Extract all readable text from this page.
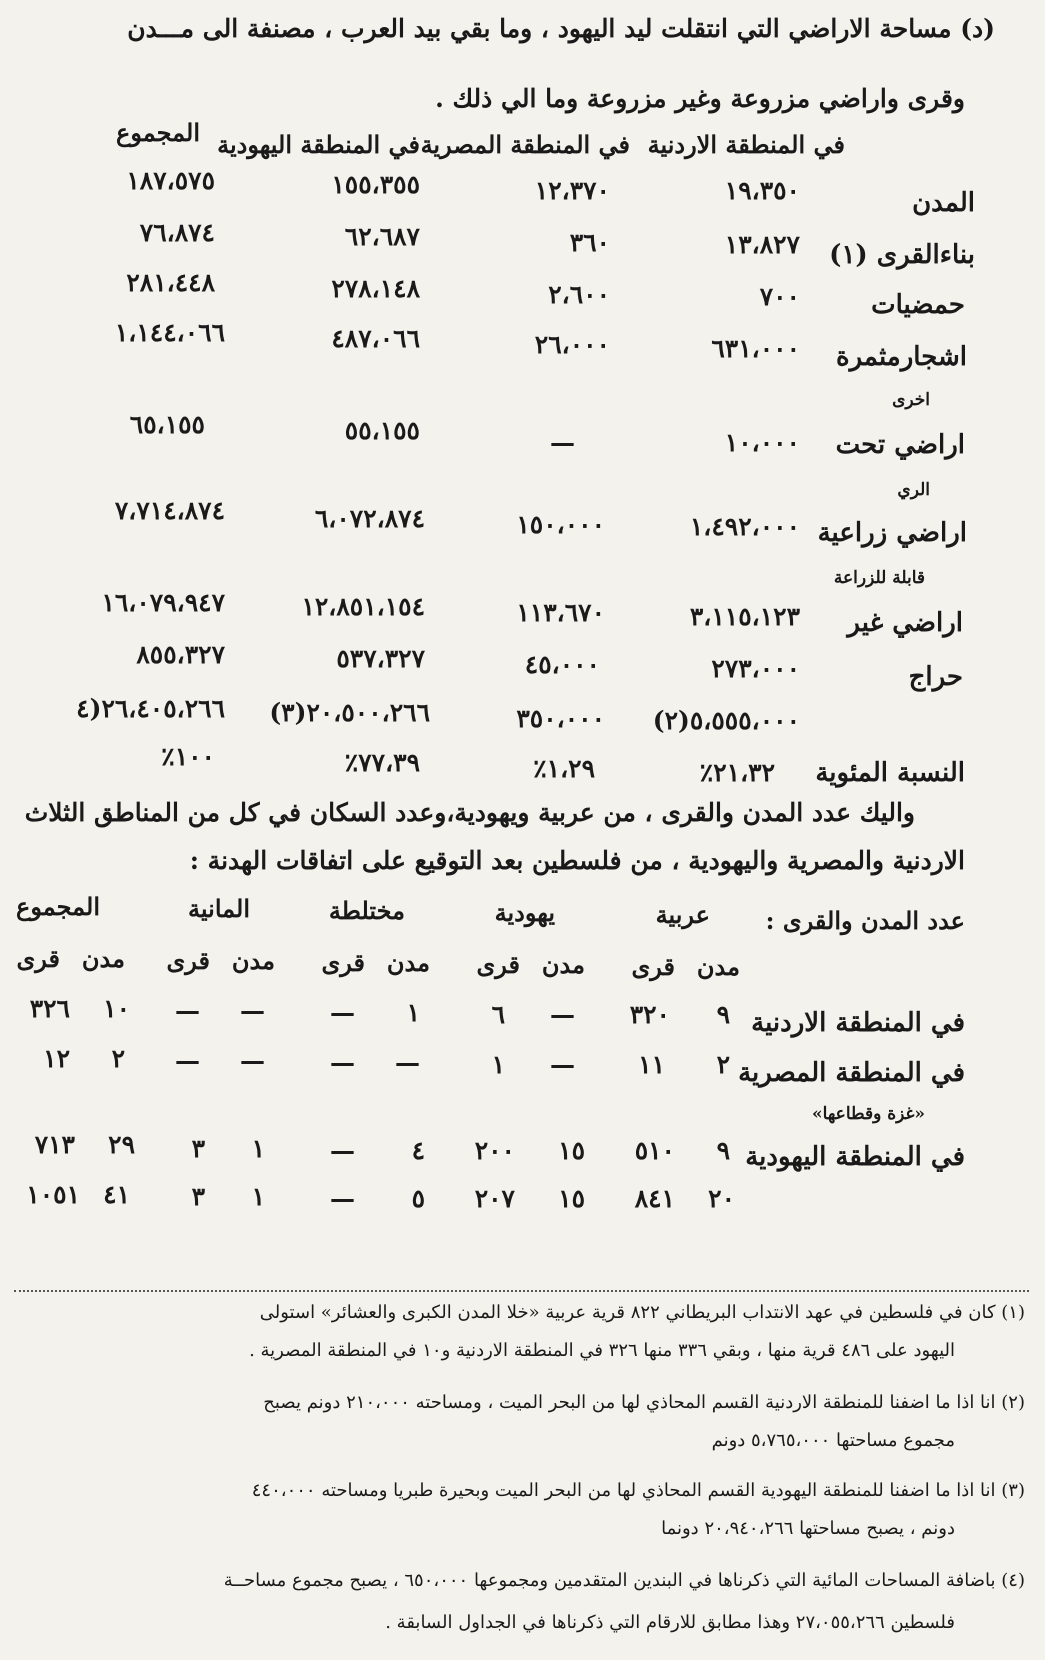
(د) مساحة الاراضي التي انتقلت ليد اليهود ، وما بقي بيد العرب ، مصنفة الى مـــدن
وقرى واراضي مزروعة وغير مزروعة وما الي ذلك .
في المنطقة الاردنية
في المنطقة المصرية
في المنطقة اليهودية
المجموع
المدن
١٩،٣٥٠
١٢،٣٧٠
١٥٥،٣٥٥
١٨٧،٥٧٥
بناءالقرى (١)
١٣،٨٢٧
٣٦٠
٦٢،٦٨٧
٧٦،٨٧٤
حمضيات
٧٠٠
٢،٦٠٠
٢٧٨،١٤٨
٢٨١،٤٤٨
اشجارمثمرة
اخرى
٦٣١،٠٠٠
٢٦،٠٠٠
٤٨٧،٠٦٦
١،١٤٤،٠٦٦
اراضي تحت
الري
١٠،٠٠٠
—
٥٥،١٥٥
٦٥،١٥٥
اراضي زراعية
قابلة للزراعة
١،٤٩٢،٠٠٠
١٥٠،٠٠٠
٦،٠٧٢،٨٧٤
٧،٧١٤،٨٧٤
اراضي غير
٣،١١٥،١٢٣
١١٣،٦٧٠
١٢،٨٥١،١٥٤
١٦،٠٧٩،٩٤٧
حراج
٢٧٣،٠٠٠
٤٥،٠٠٠
٥٣٧،٣٢٧
٨٥٥،٣٢٧
٥،٥٥٥،٠٠٠(٢)
٣٥٠،٠٠٠
٢٠،٥٠٠،٢٦٦(٣)
٢٦،٤٠٥،٢٦٦(٤
النسبة المئوية
٢١،٣٢٪
١،٢٩٪
٧٧،٣٩٪
١٠٠٪
واليك عدد المدن والقرى ، من عربية ويهودية،وعدد السكان في كل من المناطق الثلاث
الاردنية والمصرية واليهودية ، من فلسطين بعد التوقيع على اتفاقات الهدنة :
عدد المدن والقرى :
عربية
يهودية
مختلطة
المانية
المجموع
مدن
قرى
مدن
قرى
مدن
قرى
مدن
قرى
مدن
قرى
في المنطقة الاردنية
٩
٣٢٠
—
٦
١
—
—
—
١٠
٣٢٦
في المنطقة المصرية
«غزة وقطاعها»
٢
١١
—
١
—
—
—
—
٢
١٢
في المنطقة اليهودية
٩
٥١٠
١٥
٢٠٠
٤
—
١
٣
٢٩
٧١٣
٢٠
٨٤١
١٥
٢٠٧
٥
—
١
٣
٤١
١٠٥١
(١) كان في فلسطين في عهد الانتداب البريطاني ٨٢٢ قرية عربية «خلا المدن الكبرى والعشائر» استولى
اليهود على ٤٨٦ قرية منها ، وبقي ٣٣٦ منها ٣٢٦ في المنطقة الاردنية و١٠ في المنطقة المصرية .
(٢) انا اذا ما اضفنا للمنطقة الاردنية القسم المحاذي لها من البحر الميت ، ومساحته ٢١٠،٠٠٠ دونم يصبح
مجموع مساحتها ٥،٧٦٥،٠٠٠ دونم
(٣) انا اذا ما اضفنا للمنطقة اليهودية القسم المحاذي لها من البحر الميت وبحيرة طبريا ومساحته ٤٤٠،٠٠٠
دونم ، يصبح مساحتها ٢٠،٩٤٠،٢٦٦ دونما
(٤) باضافة المساحات المائية التي ذكرناها في البندين المتقدمين ومجموعها ٦٥٠،٠٠٠ ، يصبح مجموع مساحــة
فلسطين ٢٧،٠٥٥،٢٦٦ وهذا مطابق للارقام التي ذكرناها في الجداول السابقة .
